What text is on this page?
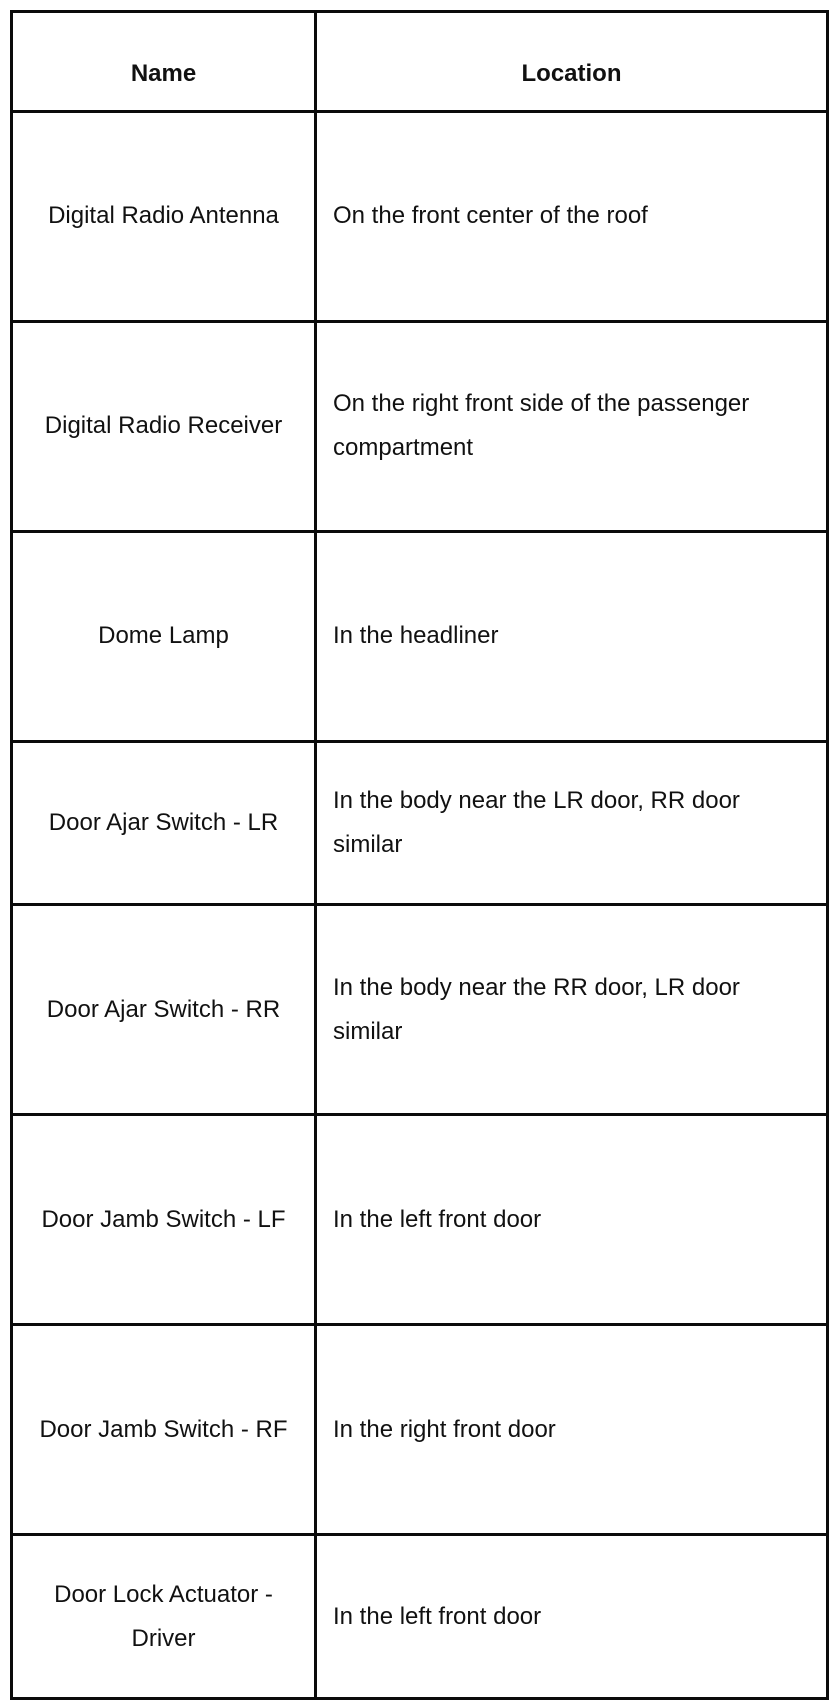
Name	Location
Digital Radio Antenna	On the front center of the roof
Digital Radio Receiver	On the right front side of the passenger compartment
Dome Lamp	In the headliner
Door Ajar Switch - LR	In the body near the LR door, RR door similar
Door Ajar Switch - RR	In the body near the RR door, LR door similar
Door Jamb Switch - LF	In the left front door
Door Jamb Switch - RF	In the right front door
Door Lock Actuator - Driver	In the left front door
